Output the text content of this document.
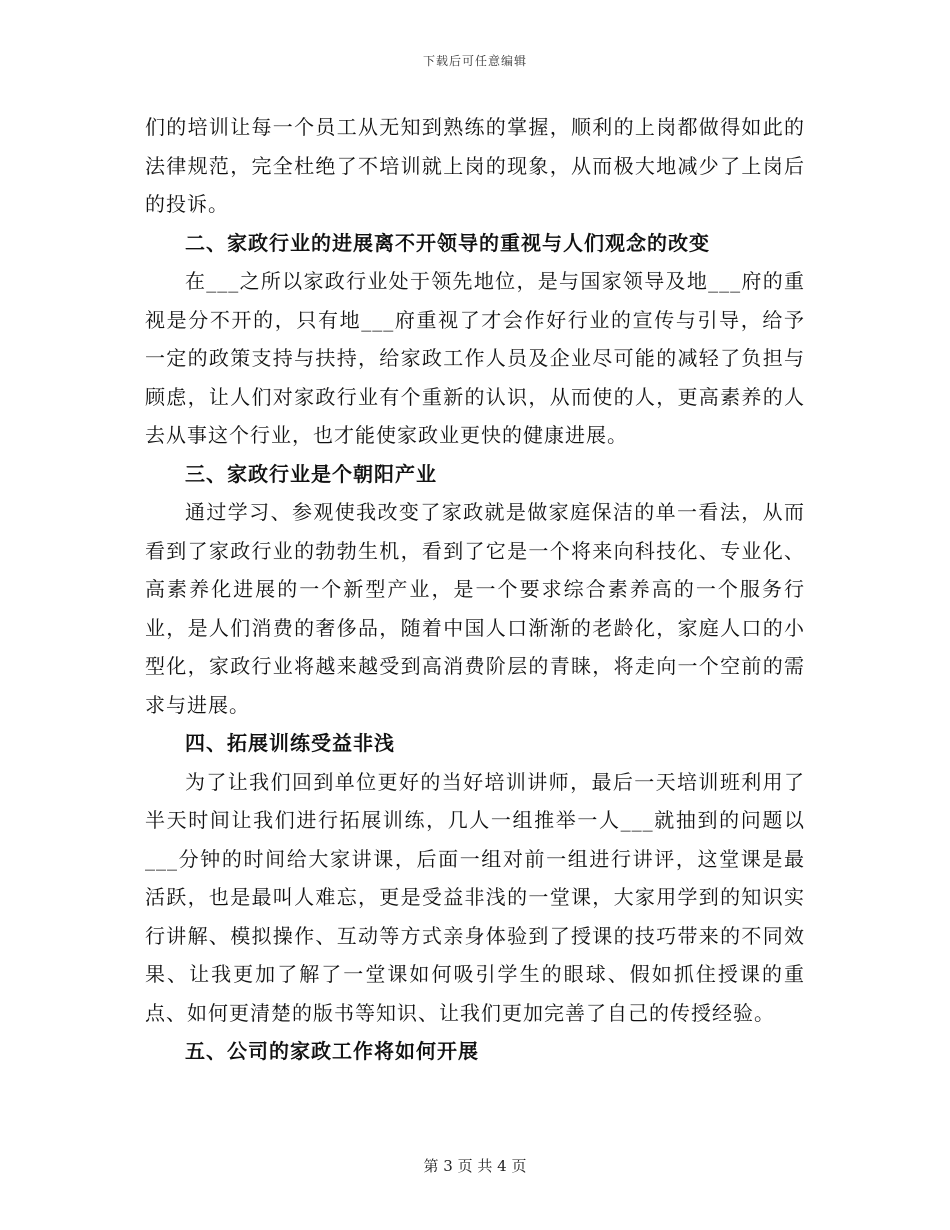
下载后可任意编辑

们的培训让每一个员工从无知到熟练的掌握，顺利的上岗都做得如此的法律规范，完全杜绝了不培训就上岗的现象，从而极大地减少了上岗后的投诉。

二、家政行业的进展离不开领导的重视与人们观念的改变

在___之所以家政行业处于领先地位，是与国家领导及地___府的重视是分不开的，只有地___府重视了才会作好行业的宣传与引导，给予一定的政策支持与扶持，给家政工作人员及企业尽可能的减轻了负担与顾虑，让人们对家政行业有个重新的认识，从而使的人，更高素养的人去从事这个行业，也才能使家政业更快的健康进展。

三、家政行业是个朝阳产业

通过学习、参观使我改变了家政就是做家庭保洁的单一看法，从而看到了家政行业的勃勃生机，看到了它是一个将来向科技化、专业化、高素养化进展的一个新型产业，是一个要求综合素养高的一个服务行业，是人们消费的奢侈品，随着中国人口渐渐的老龄化，家庭人口的小型化，家政行业将越来越受到高消费阶层的青睐，将走向一个空前的需求与进展。

四、拓展训练受益非浅

为了让我们回到单位更好的当好培训讲师，最后一天培训班利用了半天时间让我们进行拓展训练，几人一组推举一人___就抽到的问题以___分钟的时间给大家讲课，后面一组对前一组进行讲评，这堂课是最活跃，也是最叫人难忘，更是受益非浅的一堂课，大家用学到的知识实行讲解、模拟操作、互动等方式亲身体验到了授课的技巧带来的不同效果、让我更加了解了一堂课如何吸引学生的眼球、假如抓住授课的重点、如何更清楚的版书等知识、让我们更加完善了自己的传授经验。

五、公司的家政工作将如何开展

第 3 页 共 4 页
